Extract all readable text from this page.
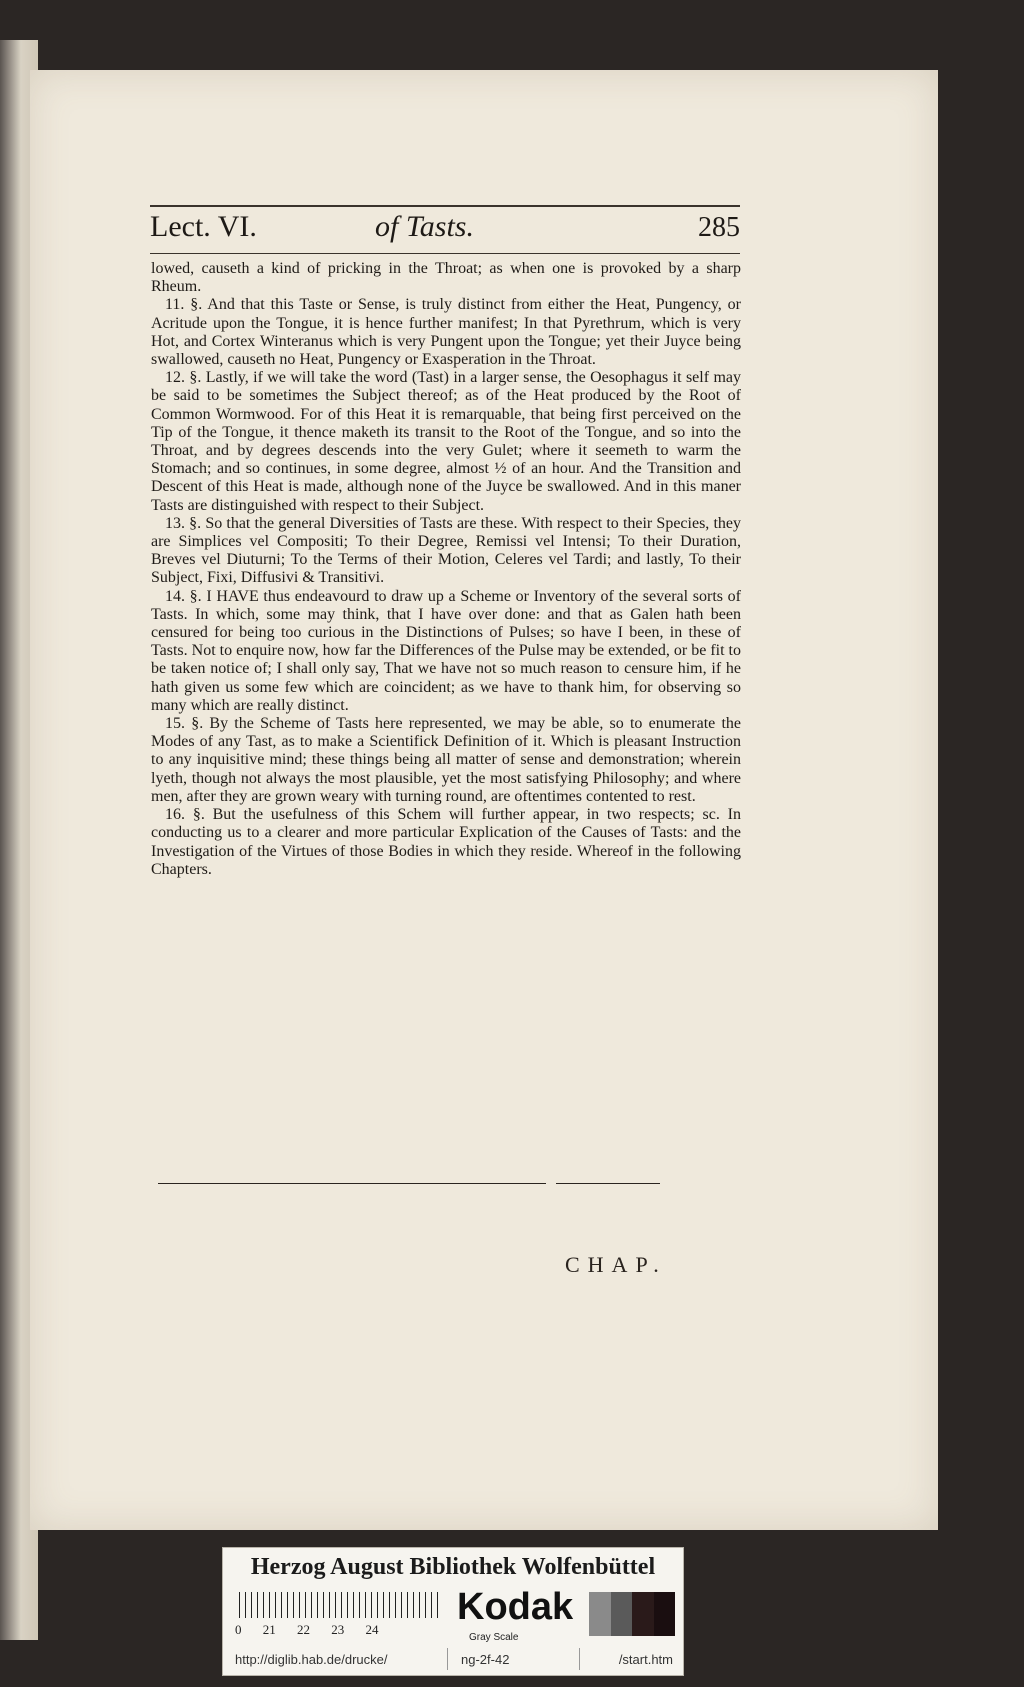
Lect. VI.	of Tasts.	285

lowed, causeth a kind of pricking in the Throat; as when one is provoked by a sharp Rheum.

11. §. And that this Taste or Sense, is truly distinct from either the Heat, Pungency, or Acritude upon the Tongue, it is hence further manifest; In that Pyrethrum, which is very Hot, and Cortex Winteranus which is very Pungent upon the Tongue; yet their Juyce being swallowed, causeth no Heat, Pungency or Exasperation in the Throat.

12. §. Lastly, if we will take the word (Tast) in a larger sense, the Oesophagus it self may be said to be sometimes the Subject thereof; as of the Heat produced by the Root of Common Wormwood. For of this Heat it is remarquable, that being first perceived on the Tip of the Tongue, it thence maketh its transit to the Root of the Tongue, and so into the Throat, and by degrees descends into the very Gulet; where it seemeth to warm the Stomach; and so continues, in some degree, almost ½ of an hour. And the Transition and Descent of this Heat is made, although none of the Juyce be swallowed. And in this maner Tasts are distinguished with respect to their Subject.

13. §. So that the general Diversities of Tasts are these. With respect to their Species, they are Simplices vel Compositi; To their Degree, Remissi vel Intensi; To their Duration, Breves vel Diuturni; To the Terms of their Motion, Celeres vel Tardi; and lastly, To their Subject, Fixi, Diffusivi & Transitivi.

14. §. I HAVE thus endeavourd to draw up a Scheme or Inventory of the several sorts of Tasts. In which, some may think, that I have over done: and that as Galen hath been censured for being too curious in the Distinctions of Pulses; so have I been, in these of Tasts. Not to enquire now, how far the Differences of the Pulse may be extended, or be fit to be taken notice of; I shall only say, That we have not so much reason to censure him, if he hath given us some few which are coincident; as we have to thank him, for observing so many which are really distinct.

15. §. By the Scheme of Tasts here represented, we may be able, so to enumerate the Modes of any Tast, as to make a Scientifick Definition of it. Which is pleasant Instruction to any inquisitive mind; these things being all matter of sense and demonstration; wherein lyeth, though not always the most plausible, yet the most satisfying Philosophy; and where men, after they are grown weary with turning round, are oftentimes contented to rest.

16. §. But the usefulness of this Schem will further appear, in two respects; sc. In conducting us to a clearer and more particular Explication of the Causes of Tasts: and the Investigation of the Virtues of those Bodies in which they reside. Whereof in the following Chapters.

CHAP.
Herzog August Bibliothek Wolfenbüttel
0 21 22 23 24
Kodak
Gray Scale
http://diglib.hab.de/drucke/	ng-2f-42	/start.htm
